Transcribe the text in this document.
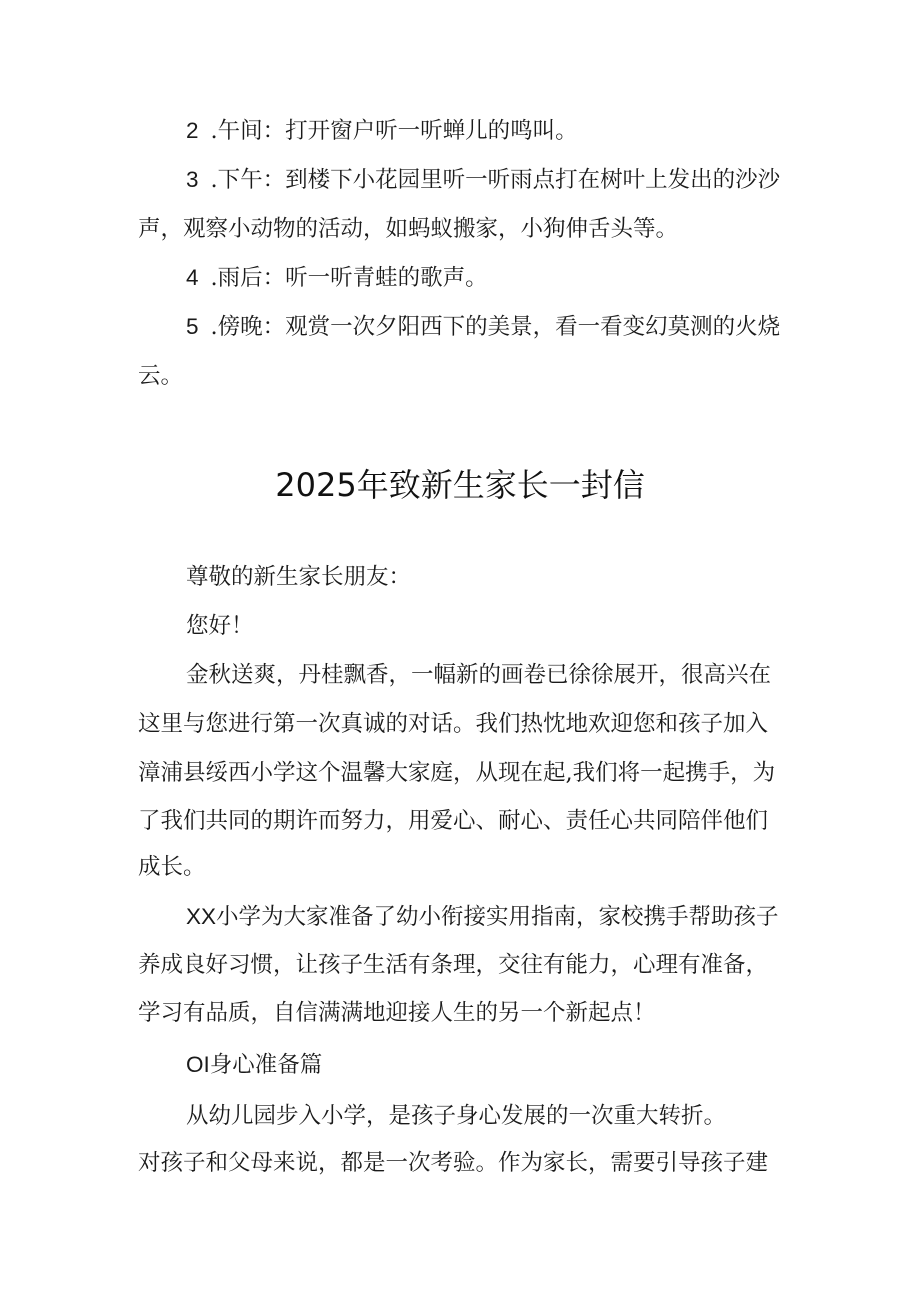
2 .午间：打开窗户听一听蝉儿的鸣叫。
3 .下午：到楼下小花园里听一听雨点打在树叶上发出的沙沙
声，观察小动物的活动，如蚂蚁搬家，小狗伸舌头等。
4 .雨后：听一听青蛙的歌声。
5 .傍晚：观赏一次夕阳西下的美景，看一看变幻莫测的火烧
云。
2025年致新生家长一封信
尊敬的新生家长朋友：
您好！
金秋送爽，丹桂飘香，一幅新的画卷已徐徐展开，很高兴在
这里与您进行第一次真诚的对话。我们热忱地欢迎您和孩子加入
漳浦县绥西小学这个温馨大家庭，从现在起,我们将一起携手，为
了我们共同的期许而努力，用爱心、耐心、责任心共同陪伴他们
成长。
XX小学为大家准备了幼小衔接实用指南，家校携手帮助孩子
养成良好习惯，让孩子生活有条理，交往有能力，心理有准备，
学习有品质，自信满满地迎接人生的另一个新起点！
OI身心准备篇
从幼儿园步入小学，是孩子身心发展的一次重大转折。
对孩子和父母来说，都是一次考验。作为家长，需要引导孩子建
